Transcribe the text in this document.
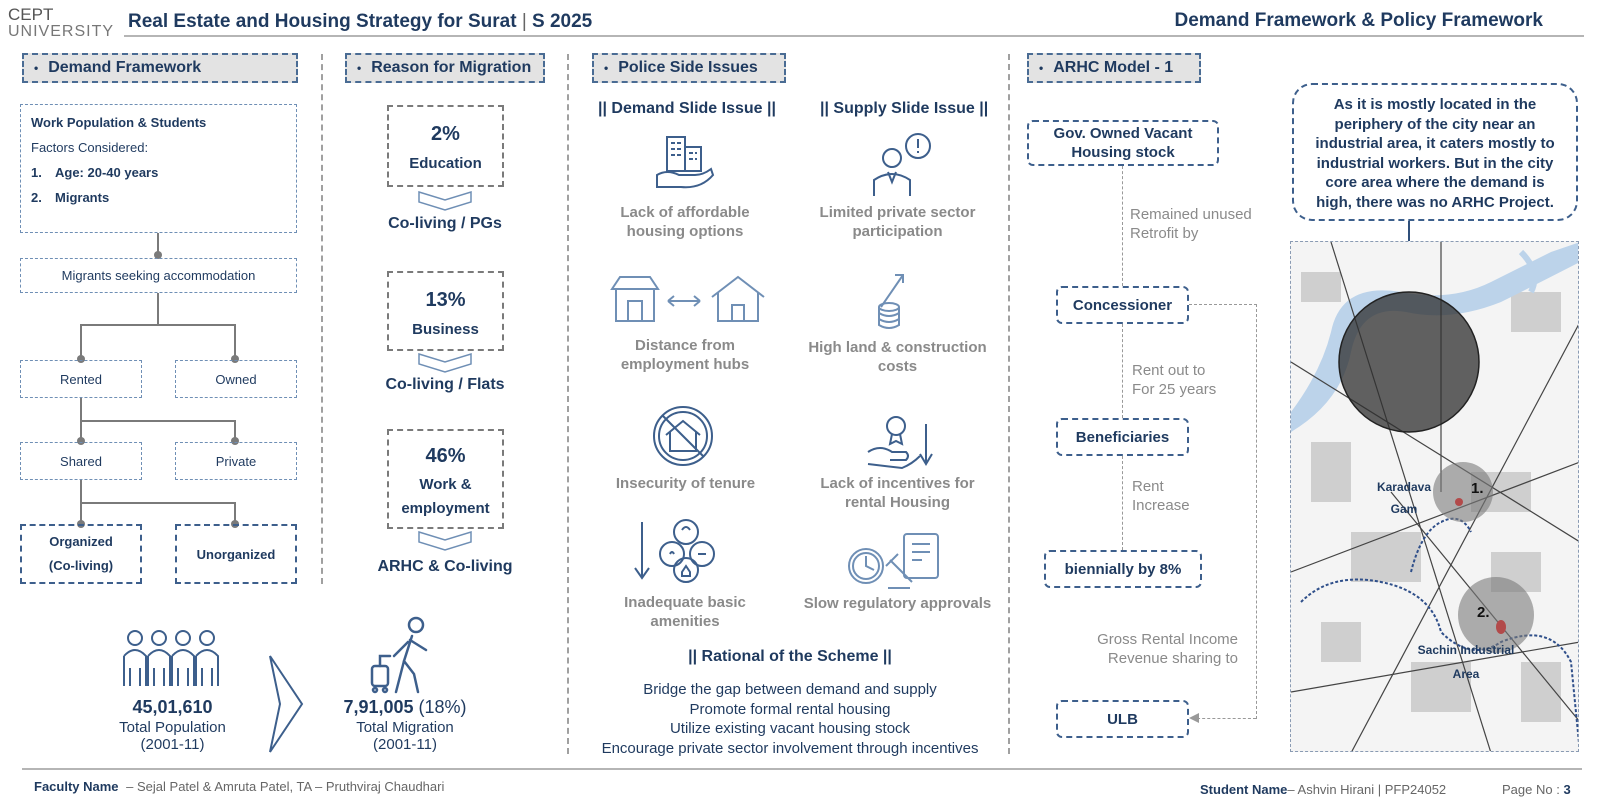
CEPT
UNIVERSITY Real Estate and Housing Strategy for Surat | S 2025	Demand Framework & Policy Framework
• Demand Framework
Work Population & Students
Factors Considered:
1. Age: 20-40 years
2. Migrants
Migrants seeking accommodation
Rented	Owned
Shared	Private
Organized
(Co-living)
Unorganized
45,01,610
Total Population
(2001-11)
7,91,005 (18%)
Total Migration
(2001-11)
• Reason for Migration
2%
Education
Co-living / PGs
13%
Business
Co-living / Flats
46%
Work &
employment
ARHC & Co-living
• Police Side Issues
|| Demand Slide Issue ||	|| Supply Slide Issue ||
Lack of affordable housing options
Distance from employment hubs
Insecurity of tenure
Inadequate basic amenities
Limited private sector participation
High land & construction costs
Lack of incentives for rental Housing
Slow regulatory approvals
|| Rational of the Scheme ||
Bridge the gap between demand and supply
Promote formal rental housing
Utilize existing vacant housing stock
Encourage private sector involvement through incentives
• ARHC Model - 1
Gov. Owned Vacant Housing stock
Remained unused
Retrofit by
Concessioner
Rent out to
For 25 years
Beneficiaries
Rent
Increase
biennially by 8%
Gross Rental Income
Revenue sharing to
ULB
As it is mostly located in the periphery of the city near an industrial area, it caters mostly to industrial workers. But in the city core area where the demand is high, there was no ARHC Project.
Karadava
Gam
1.
Sachin Industrial
Area
2.
Faculty Name – Sejal Patel & Amruta Patel, TA – Pruthviraj Chaudhari	Student Name– Ashvin Hirani | PFP24052	Page No : 3
